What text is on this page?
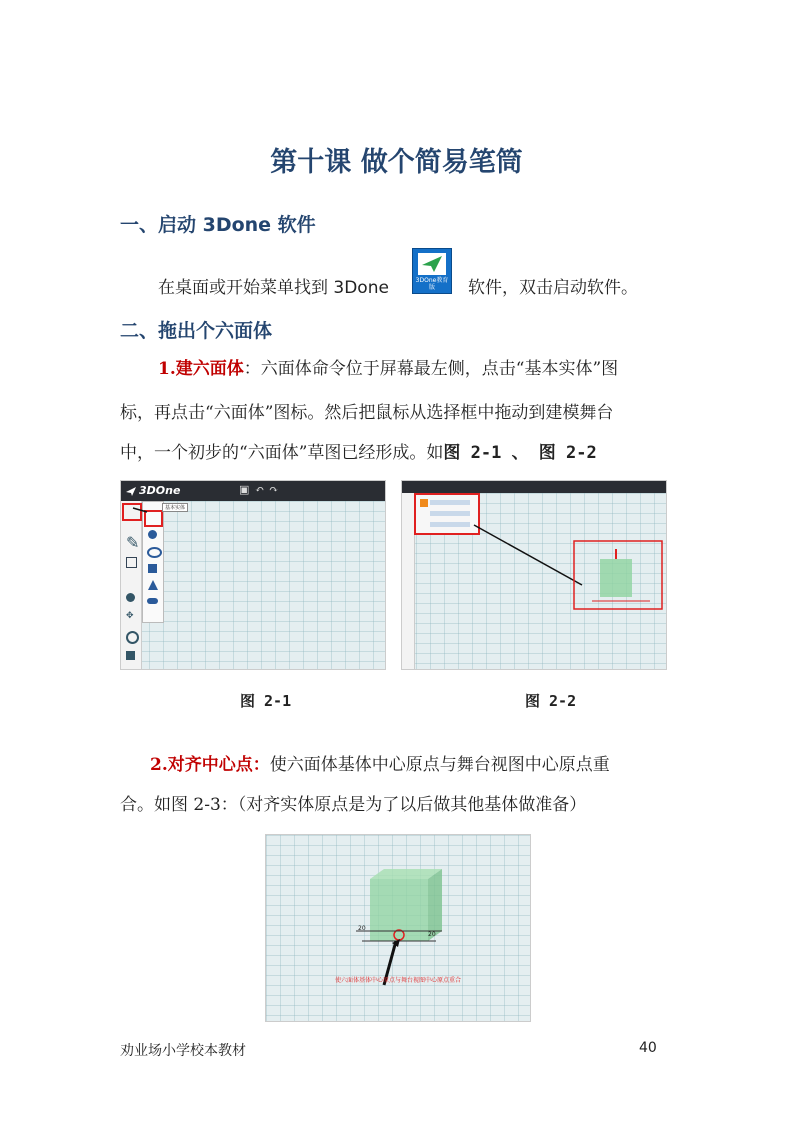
第十课 做个简易笔筒
一、启动 3Done 软件
在桌面或开始菜单找到 3Done	3DOne教育版	软件，双击启动软件。
二、拖出个六面体
1.建六面体：六面体命令位于屏幕最左侧，点击“基本实体”图
标，再点击“六面体”图标。然后把鼠标从选择框中拖动到建模舞台
中，一个初步的“六面体”草图已经形成。如图 2-1 、 图 2-2
3DOne	▣ ↶ ↷
✎
✥
基本实体
图 2-1	图 2-2
2.对齐中心点：使六面体基体中心原点与舞台视图中心原点重
合。如图 2-3：（对齐实体原点是为了以后做其他基体做准备）
20
20
使六面体基体中心原点与舞台视图中心原点重合
劝业场小学校本教材	40
